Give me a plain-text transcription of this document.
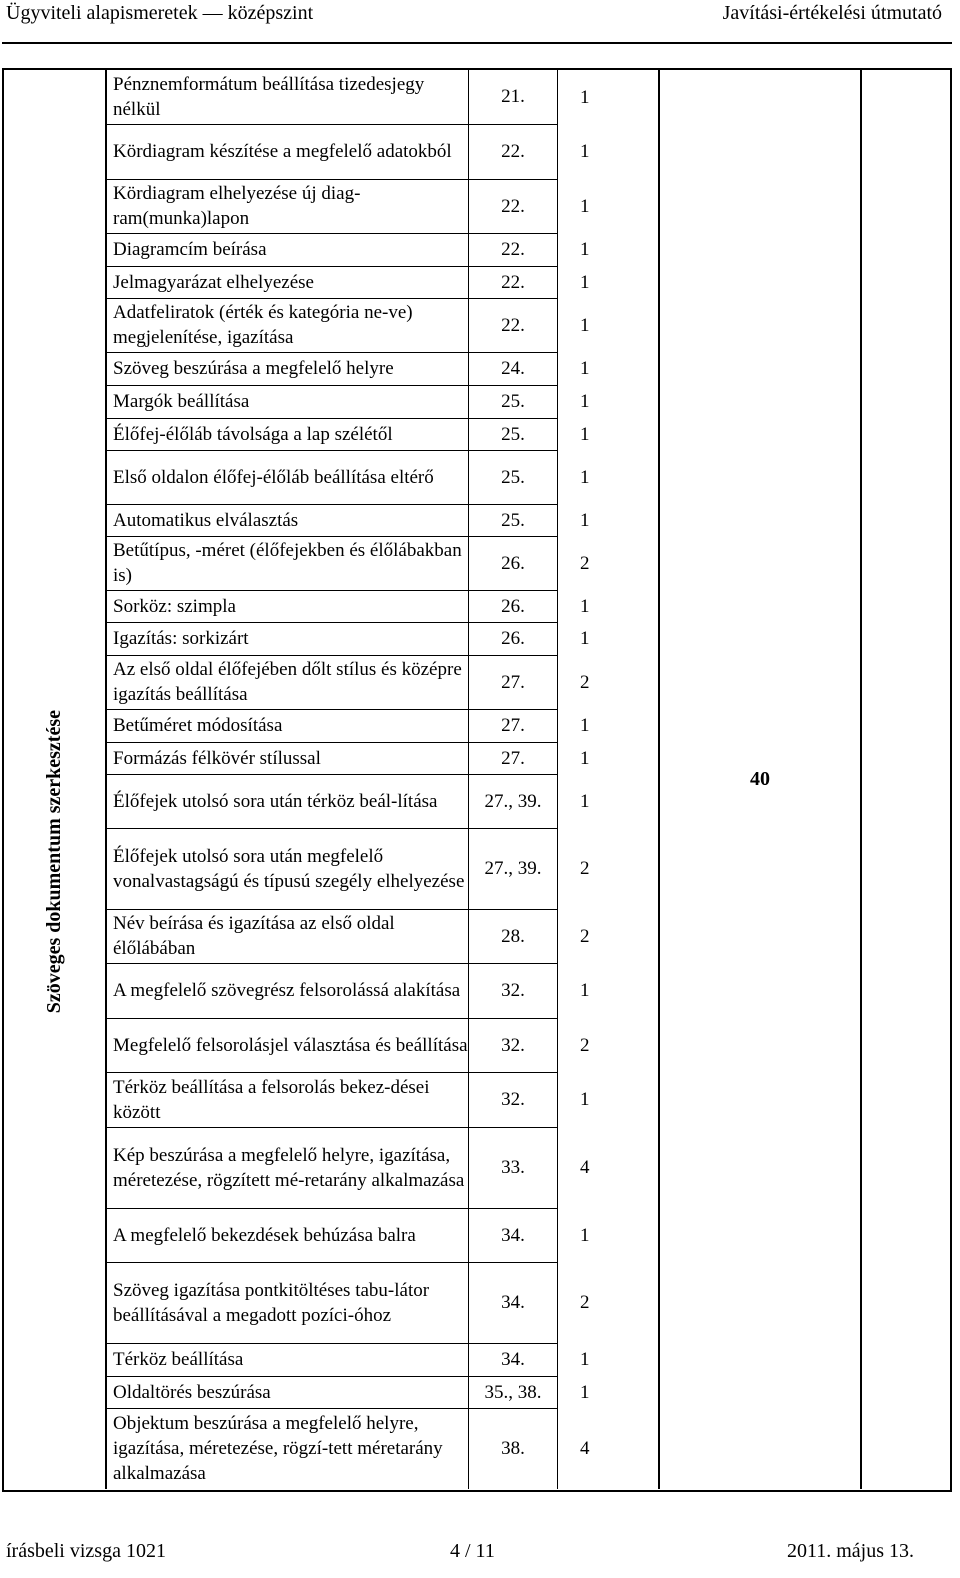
Ügyviteli alapismeretek — középszint	Javítási-értékelési útmutató
Szöveges dokumentum szerkesztése	Pénznemformátum beállítása tizedesjegy nélkül	21.	1	40	
	Kördiagram készítése a megfelelő adatokból	22.	1		
	Kördiagram elhelyezése új diag-ram(munka)lapon	22.	1		
	Diagramcím beírása	22.	1		
	Jelmagyarázat elhelyezése	22.	1		
	Adatfeliratok (érték és kategória ne-ve) megjelenítése, igazítása	22.	1		
	Szöveg beszúrása a megfelelő helyre	24.	1		
	Margók beállítása	25.	1		
	Élőfej-élőláb távolsága a lap szélétől	25.	1		
	Első oldalon élőfej-élőláb beállítása eltérő	25.	1		
	Automatikus elválasztás	25.	1		
	Betűtípus, -méret (élőfejekben és élőlábakban is)	26.	2		
	Sorköz: szimpla	26.	1		
	Igazítás: sorkizárt	26.	1		
	Az első oldal élőfejében dőlt stílus és középre igazítás beállítása	27.	2		
	Betűméret módosítása	27.	1		
	Formázás félkövér stílussal	27.	1		
	Élőfejek utolsó sora után térköz beál-lítása	27., 39.	1		
	Élőfejek utolsó sora után megfelelő vonalvastagságú és típusú szegély elhelyezése	27., 39.	2		
	Név beírása és igazítása az első oldal élőlábában	28.	2		
	A megfelelő szövegrész felsorolássá alakítása	32.	1		
	Megfelelő felsorolásjel választása és beállítása	32.	2		
	Térköz beállítása a felsorolás bekez-dései között	32.	1		
	Kép beszúrása a megfelelő helyre, igazítása, méretezése, rögzített mé-retarány alkalmazása	33.	4		
	A megfelelő bekezdések behúzása balra	34.	1		
	Szöveg igazítása pontkitöltéses tabu-látor beállításával a megadott pozíci-óhoz	34.	2		
	Térköz beállítása	34.	1		
	Oldaltörés beszúrása	35., 38.	1		
	Objektum beszúrása a megfelelő helyre, igazítása, méretezése, rögzí-tett méretarány alkalmazása	38.	4		
írásbeli vizsga 1021	4 / 11	2011. május 13.
